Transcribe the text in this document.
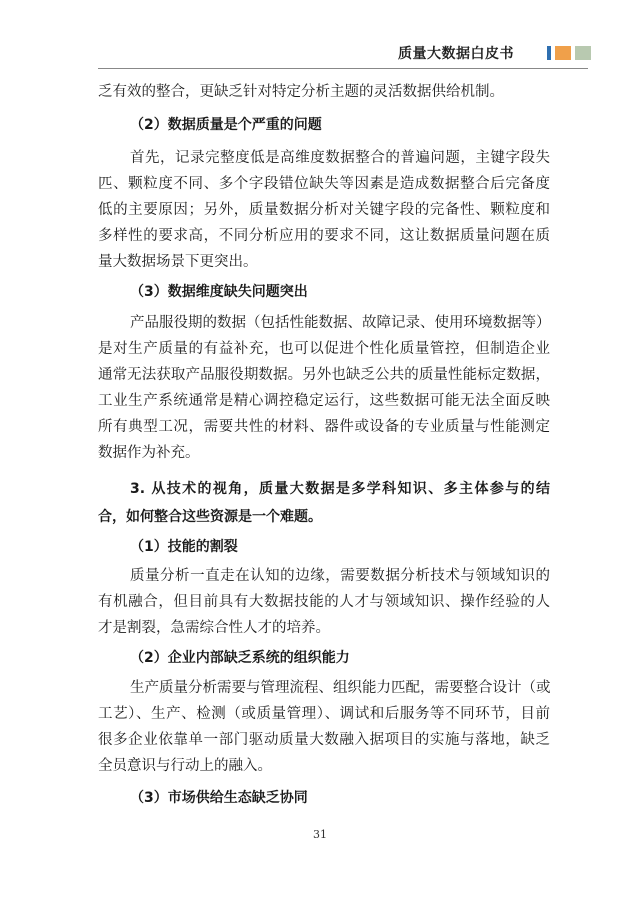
质量大数据白皮书
乏有效的整合，更缺乏针对特定分析主题的灵活数据供给机制。
（2）数据质量是个严重的问题
首先，记录完整度低是高维度数据整合的普遍问题，主键字段失
匹、颗粒度不同、多个字段错位缺失等因素是造成数据整合后完备度
低的主要原因；另外，质量数据分析对关键字段的完备性、颗粒度和
多样性的要求高，不同分析应用的要求不同，这让数据质量问题在质
量大数据场景下更突出。
（3）数据维度缺失问题突出
产品服役期的数据（包括性能数据、故障记录、使用环境数据等）
是对生产质量的有益补充，也可以促进个性化质量管控，但制造企业
通常无法获取产品服役期数据。另外也缺乏公共的质量性能标定数据，
工业生产系统通常是精心调控稳定运行，这些数据可能无法全面反映
所有典型工况，需要共性的材料、器件或设备的专业质量与性能测定
数据作为补充。
3. 从技术的视角，质量大数据是多学科知识、多主体参与的结
合，如何整合这些资源是一个难题。
（1）技能的割裂
质量分析一直走在认知的边缘，需要数据分析技术与领域知识的
有机融合，但目前具有大数据技能的人才与领域知识、操作经验的人
才是割裂，急需综合性人才的培养。
（2）企业内部缺乏系统的组织能力
生产质量分析需要与管理流程、组织能力匹配，需要整合设计（或
工艺）、生产、检测（或质量管理）、调试和后服务等不同环节，目前
很多企业依靠单一部门驱动质量大数融入据项目的实施与落地，缺乏
全员意识与行动上的融入。
（3）市场供给生态缺乏协同
31
